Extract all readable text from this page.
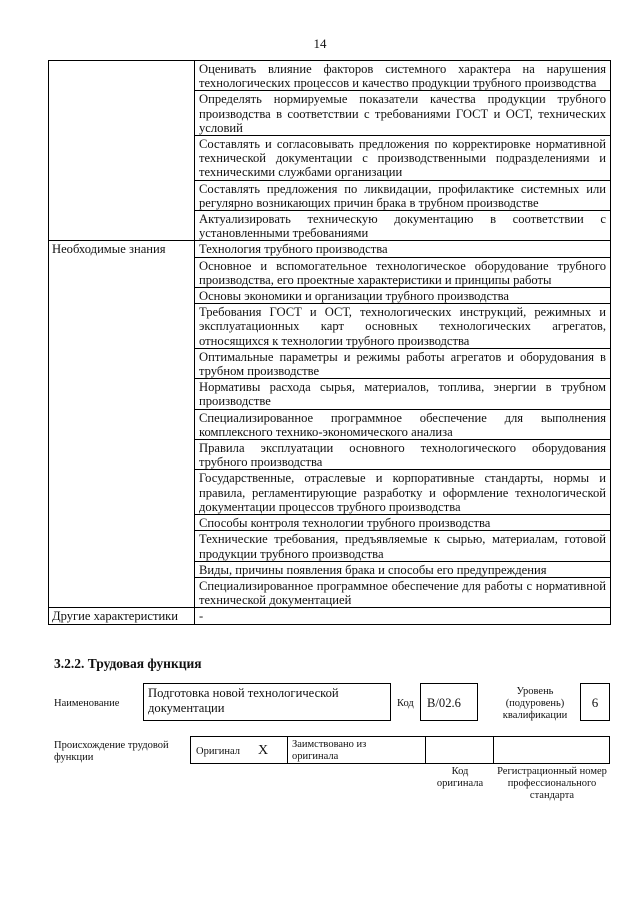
14
	Оценивать влияние факторов системного характера на нарушения технологических процессов и качество продукции трубного производства
	Определять нормируемые показатели качества продукции трубного производства в соответствии с требованиями ГОСТ и ОСТ, технических условий
	Составлять и согласовывать предложения по корректировке нормативной технической документации с производственными подразделениями и техническими службами организации
	Составлять предложения по ликвидации, профилактике системных или регулярно возникающих причин брака в трубном производстве
	Актуализировать техническую документацию в соответствии с установленными требованиями
Необходимые знания	Технология трубного производства
	Основное и вспомогательное технологическое оборудование трубного производства, его проектные характеристики и принципы работы
	Основы экономики и организации трубного производства
	Требования ГОСТ и ОСТ, технологических инструкций, режимных и эксплуатационных карт основных технологических агрегатов, относящихся к технологии трубного производства
	Оптимальные параметры и режимы работы агрегатов и оборудования в трубном производстве
	Нормативы расхода сырья, материалов, топлива, энергии в трубном производстве
	Специализированное программное обеспечение для выполнения комплексного технико-экономического анализа
	Правила эксплуатации основного технологического оборудования трубного производства
	Государственные, отраслевые и корпоративные стандарты, нормы и правила, регламентирующие разработку и оформление технологической документации процессов трубного производства
	Способы контроля технологии трубного производства
	Технические требования, предъявляемые к сырью, материалам, готовой продукции трубного производства
	Виды, причины появления брака и способы его предупреждения
	Специализированное программное обеспечение для работы с нормативной технической документацией
Другие характеристики	-
3.2.2. Трудовая функция
Наименование
Подготовка новой технологической документации	Код	В/02.6
Уровень (подуровень) квалификации
6
Происхождение трудовой функции
Оригинал Х Заимствовано из оригинала
Код оригинала
Регистрационный номер профессионального стандарта
